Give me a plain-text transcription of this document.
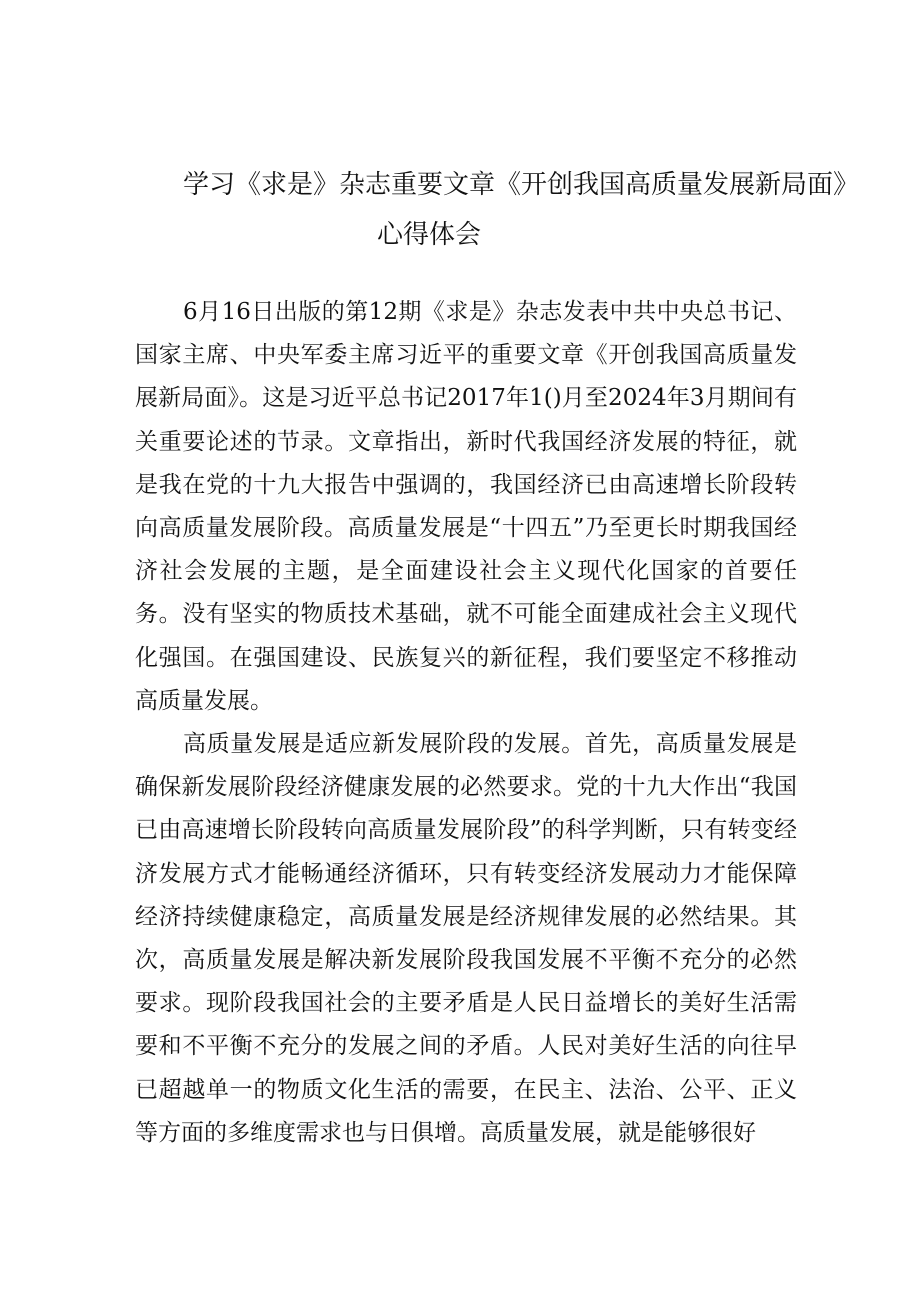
学习《求是》杂志重要文章《开创我国高质量发展新局面》
心得体会

6月16日出版的第12期《求是》杂志发表中共中央总书记、国家主席、中央军委主席习近平的重要文章《开创我国高质量发展新局面》。这是习近平总书记2017年1()月至2024年3月期间有关重要论述的节录。文章指出，新时代我国经济发展的特征，就是我在党的十九大报告中强调的，我国经济已由高速增长阶段转向高质量发展阶段。高质量发展是“十四五”乃至更长时期我国经济社会发展的主题，是全面建设社会主义现代化国家的首要任务。没有坚实的物质技术基础，就不可能全面建成社会主义现代化强国。在强国建设、民族复兴的新征程，我们要坚定不移推动高质量发展。

高质量发展是适应新发展阶段的发展。首先，高质量发展是确保新发展阶段经济健康发展的必然要求。党的十九大作出“我国已由高速增长阶段转向高质量发展阶段”的科学判断，只有转变经济发展方式才能畅通经济循环，只有转变经济发展动力才能保障经济持续健康稳定，高质量发展是经济规律发展的必然结果。其次，高质量发展是解决新发展阶段我国发展不平衡不充分的必然要求。现阶段我国社会的主要矛盾是人民日益增长的美好生活需要和不平衡不充分的发展之间的矛盾。人民对美好生活的向往早已超越单一的物质文化生活的需要，在民主、法治、公平、正义等方面的多维度需求也与日俱增。高质量发展，就是能够很好
